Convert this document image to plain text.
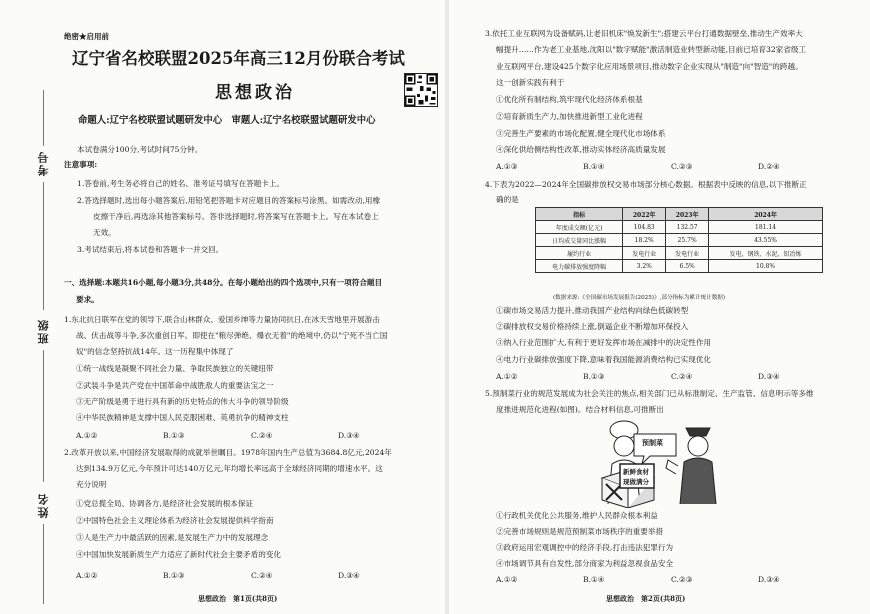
绝密★启用前
辽宁省名校联盟2025年高三12月份联合考试
思想政治
命题人:辽宁名校联盟试题研发中心　审题人:辽宁名校联盟试题研发中心
考号
班级
姓名
本试卷满分100分,考试时间75分钟。
注意事项:
1.答卷前,考生务必将自己的姓名、准考证号填写在答题卡上。
2.答选择题时,选出每小题答案后,用铅笔把答题卡对应题目的答案标号涂黑。如需改动,用橡
皮擦干净后,再选涂其他答案标号。答非选择题时,将答案写在答题卡上。写在本试卷上
无效。
3.考试结束后,将本试卷和答题卡一并交回。
一、选择题:本题共16小题,每小题3分,共48分。在每小题给出的四个选项中,只有一项符合题目
要求。
1.东北抗日联军在党的领导下,联合山林群众、爱国乡绅等力量协同抗日,在冰天雪地里开展游击
战、伏击战等斗争,多次重创日军。即使在"粮尽弹绝、爆衣无着"的绝境中,仍以"宁死不当亡国
奴"的信念坚持抗战14年。这一历程集中体现了
①统一战线是凝聚不同社会力量、争取民族独立的关键纽带
②武装斗争是共产党在中国革命中战胜敌人的重要法宝之一
③无产阶级是勇于进行具有新的历史特点的伟大斗争的领导阶级
④中华民族精神是支撑中国人民克服困难、英勇抗争的精神支柱
A.①②	B.①③	C.②④	D.③④
2.改革开放以来,中国经济发展取得的成就举世瞩目。1978年国内生产总值为3684.8亿元,2024年
达到134.9万亿元,今年预计可达140万亿元,年均增长率远高于全球经济同期的增速水平。这
充分说明
①党总揽全局、协调各方,是经济社会发展的根本保证
②中国特色社会主义理论体系为经济社会发展提供科学指南
③人是生产力中最活跃的因素,是发展生产力中的发展理念
④中国加快发展新质生产力适应了新时代社会主要矛盾的变化
A.①②	B.①③	C.②④	D.③④
思想政治　第1页(共8页)
3.依托工业互联网为设备赋码,让老旧机床"焕发新生";搭建云平台打通数据壁垒,推动生产效率大
幅提升……作为老工业基地,沈阳以"数字赋能"激活制造业转型新动能,目前已培育32家省级工
业互联网平台,建设425个数字化应用场景项目,推动数字企业实现从"制造"向"智造"的跨越。
这一创新实践有利于
①优化所有制结构,筑牢现代化经济体系根基
②培育新质生产力,加快推进新型工业化进程
③完善生产要素的市场化配置,健全现代化市场体系
④深化供给侧结构性改革,推动实体经济高质量发展
A.①③	B.①④	C.②③	D.②④
4.下表为2022—2024年全国碳排放权交易市场部分核心数据。根据表中反映的信息,以下推断正
确的是
指标	2022年	2023年	2024年
年度成交额(亿元)	104.83	132.57	181.14
日均成交量同比涨幅	18.2%	25.7%	43.55%
履约行业	发电行业	发电行业	发电、钢铁、水泥、铝冶炼
电力碳排放强度降幅	3.2%	6.5%	10.8%
(数据来源:《全国碳市场发展报告(2025)》,部分指标为累计统计数据)
①碳市场交易活力提升,推动我国产业结构向绿色低碳转型
②碳排放权交易价格持续上涨,倒逼企业不断增加环保投入
③纳入行业范围扩大,有利于更好发挥市场在减排中的决定性作用
④电力行业碳排放强度下降,意味着我国能源消费结构已实现优化
A.①②	B.①③	C.②④	D.③④
5.预制菜行业的规范发展成为社会关注的焦点,相关部门已从标准制定、生产监管、信息明示等多维
度推进规范化进程(如图)。结合材料信息,可推断出
预制菜
新鲜食材
现做满分
①行政机关优化公共服务,维护人民群众根本利益
②完善市场规则是规范预制菜市场秩序的重要举措
③政府运用宏观调控中的经济手段,打击违法犯罪行为
④市场调节具有自发性,部分商家为利益忽视食品安全
A.①②	B.①④	C.②③	D.③④
思想政治　第2页(共8页)
